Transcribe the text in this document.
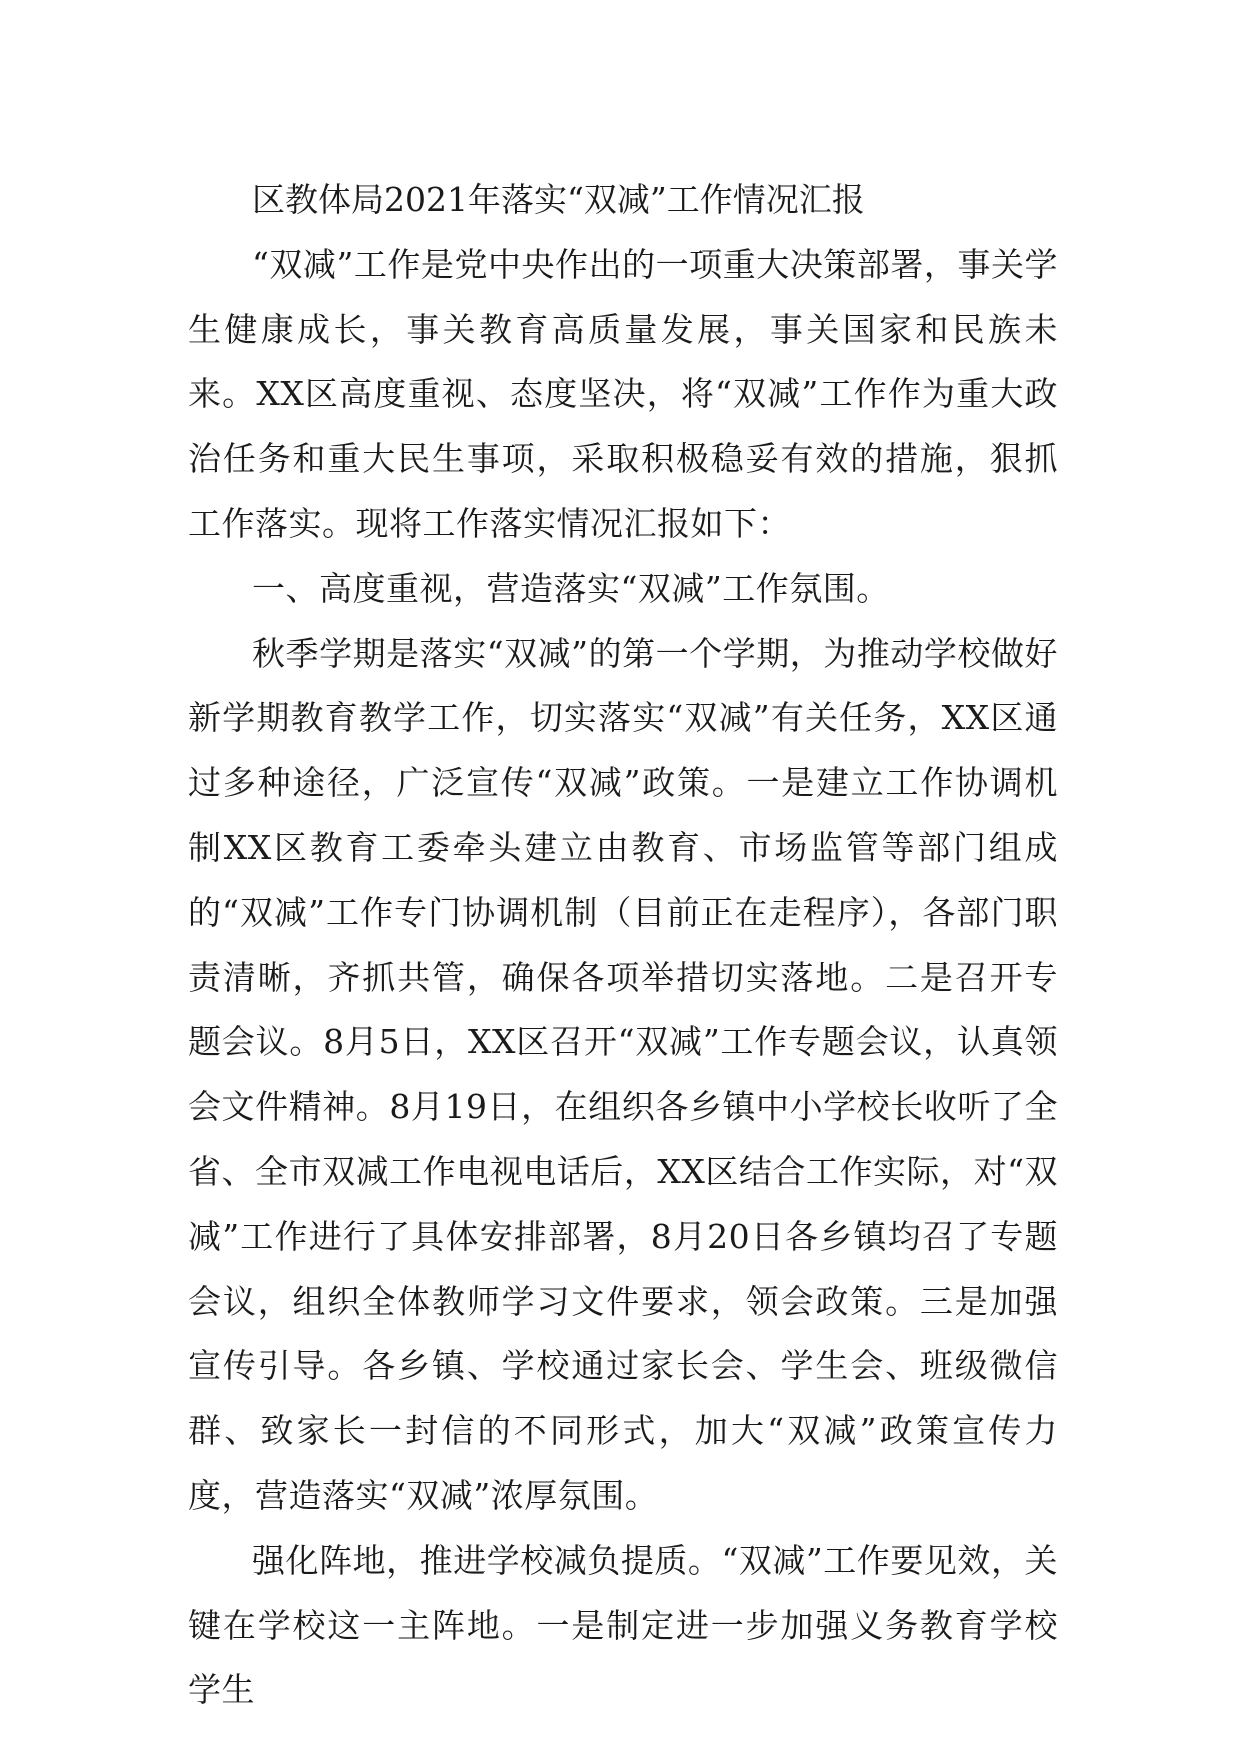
区教体局2021年落实“双减”工作情况汇报

“双减”工作是党中央作出的一项重大决策部署，事关学生健康成长，事关教育高质量发展，事关国家和民族未来。XX区高度重视、态度坚决，将“双减”工作作为重大政治任务和重大民生事项，采取积极稳妥有效的措施，狠抓工作落实。现将工作落实情况汇报如下：

一、高度重视，营造落实“双减”工作氛围。

秋季学期是落实“双减”的第一个学期，为推动学校做好新学期教育教学工作，切实落实“双减”有关任务，XX区通过多种途径，广泛宣传“双减”政策。一是建立工作协调机制XX区教育工委牵头建立由教育、市场监管等部门组成的“双减”工作专门协调机制（目前正在走程序），各部门职责清晰，齐抓共管，确保各项举措切实落地。二是召开专题会议。8月5日，XX区召开“双减”工作专题会议，认真领会文件精神。8月19日，在组织各乡镇中小学校长收听了全省、全市双减工作电视电话后，XX区结合工作实际，对“双减”工作进行了具体安排部署，8月20日各乡镇均召了专题会议，组织全体教师学习文件要求，领会政策。三是加强宣传引导。各乡镇、学校通过家长会、学生会、班级微信群、致家长一封信的不同形式，加大“双减”政策宣传力度，营造落实“双减”浓厚氛围。

强化阵地，推进学校减负提质。“双减”工作要见效，关键在学校这一主阵地。一是制定进一步加强义务教育学校学生
